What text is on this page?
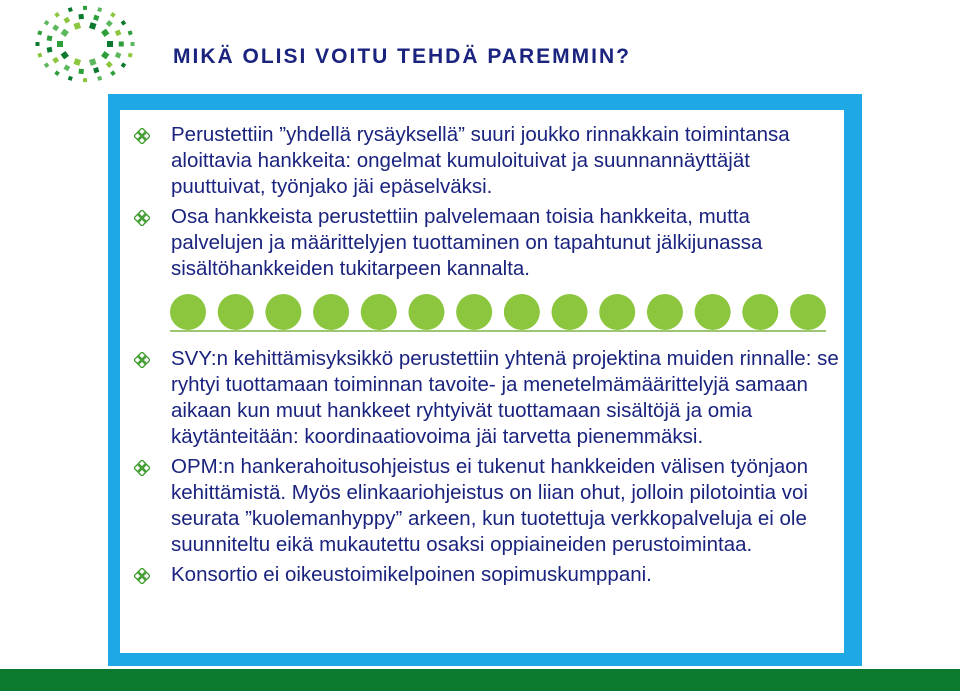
MIKÄ OLISI VOITU TEHDÄ PAREMMIN?
Perustettiin ”yhdellä rysäyksellä” suuri joukko rinnakkain toimintansa aloittavia hankkeita: ongelmat kumuloituivat ja suunnannäyttäjät puuttuivat, työnjako jäi epäselväksi.
Osa hankkeista perustettiin palvelemaan toisia hankkeita, mutta palvelujen ja määrittelyjen tuottaminen on tapahtunut jälkijunassa sisältöhankkeiden tukitarpeen kannalta.
SVY:n kehittämisyksikkö perustettiin yhtenä projektina muiden rinnalle: se ryhtyi tuottamaan toiminnan tavoite- ja menetelmämäärittelyjä samaan aikaan kun muut hankkeet ryhtyivät tuottamaan sisältöjä ja omia käytänteitään: koordinaatiovoima jäi tarvetta pienemmäksi.
OPM:n hankerahoitusohjeistus ei tukenut hankkeiden välisen työnjaon kehittämistä. Myös elinkaariohjeistus on liian ohut, jolloin pilotointia voi seurata ”kuolemanhyppy” arkeen, kun tuotettuja verkkopalveluja ei ole suunniteltu eikä mukautettu osaksi oppiaineiden perustoimintaa.
Konsortio ei oikeustoimikelpoinen sopimuskumppani.
